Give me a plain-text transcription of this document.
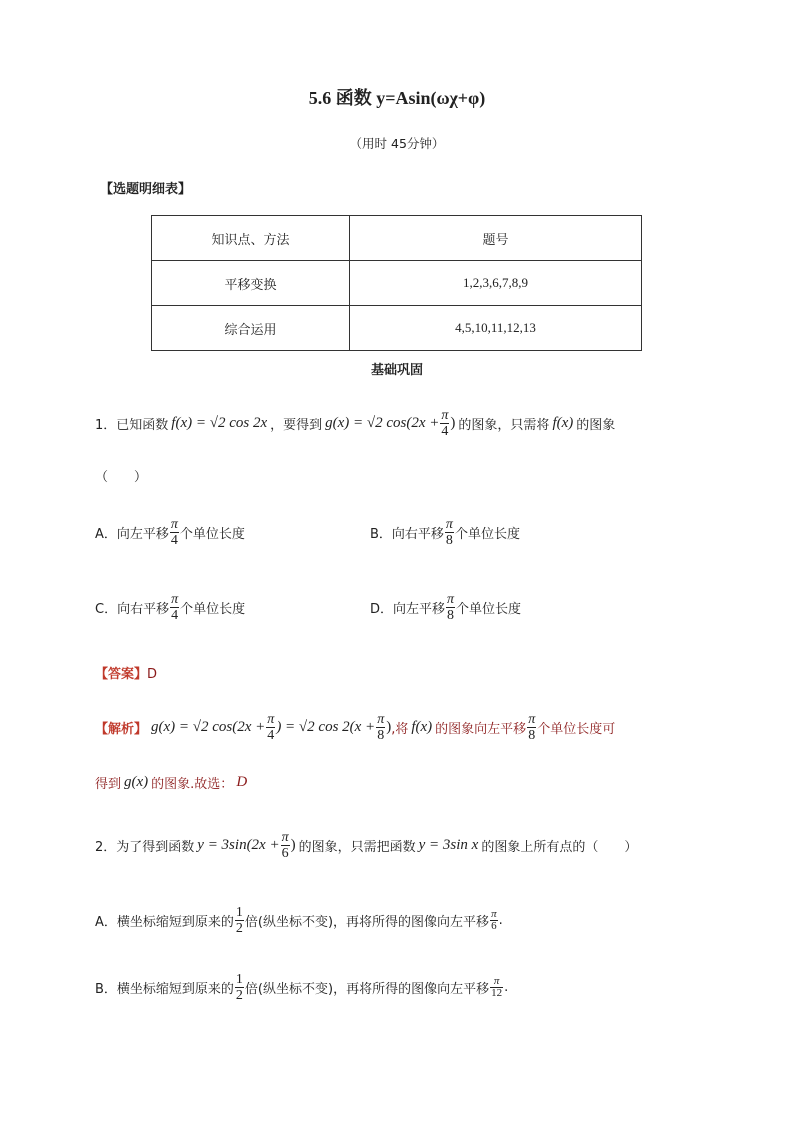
5.6 函数 y=Asin(ωχ+φ)
（用时 45分钟）
【选题明细表】
知识点、方法	题号
平移变换	1,2,3,6,7,8,9
综合运用	4,5,10,11,12,13
基础巩固
1．已知函数 f(x) = √2 cos 2x ，要得到 g(x) = √2 $\cos(2x + \frac{\pi}{4}$ ) 的图象，只需将 f(x) 的图象
（　　）
A．向左平移 $\frac{\pi}{4}$ 个单位长度	B．向右平移 $\frac{\pi}{8}$ 个单位长度
C．向右平移 $\frac{\pi}{4}$ 个单位长度	D．向左平移 $\frac{\pi}{8}$ 个单位长度
【答案】D
【解析】 g(x) = √2 $\cos(2x + \frac{\pi}{4}$ ) = √2 $\cos 2(x + \frac{\pi}{8}$ ) ,将 f(x) 的图象向左平移 $\frac{\pi}{8}$ 个单位长度可
得到 g(x) 的图象.故选： D
2．为了得到函数 $y = 3\sin(2x + \frac{\pi}{6}$ ) 的图象，只需把函数 y = 3sin x 的图象上所有点的（　　）
A．横坐标缩短到原来的 $\frac{1}{2}$ 倍(纵坐标不变)，再将所得的图像向左平移 $\frac{\pi}{6}$ .
B．横坐标缩短到原来的 $\frac{1}{2}$ 倍(纵坐标不变)，再将所得的图像向左平移 $\frac{\pi}{12}$ .
